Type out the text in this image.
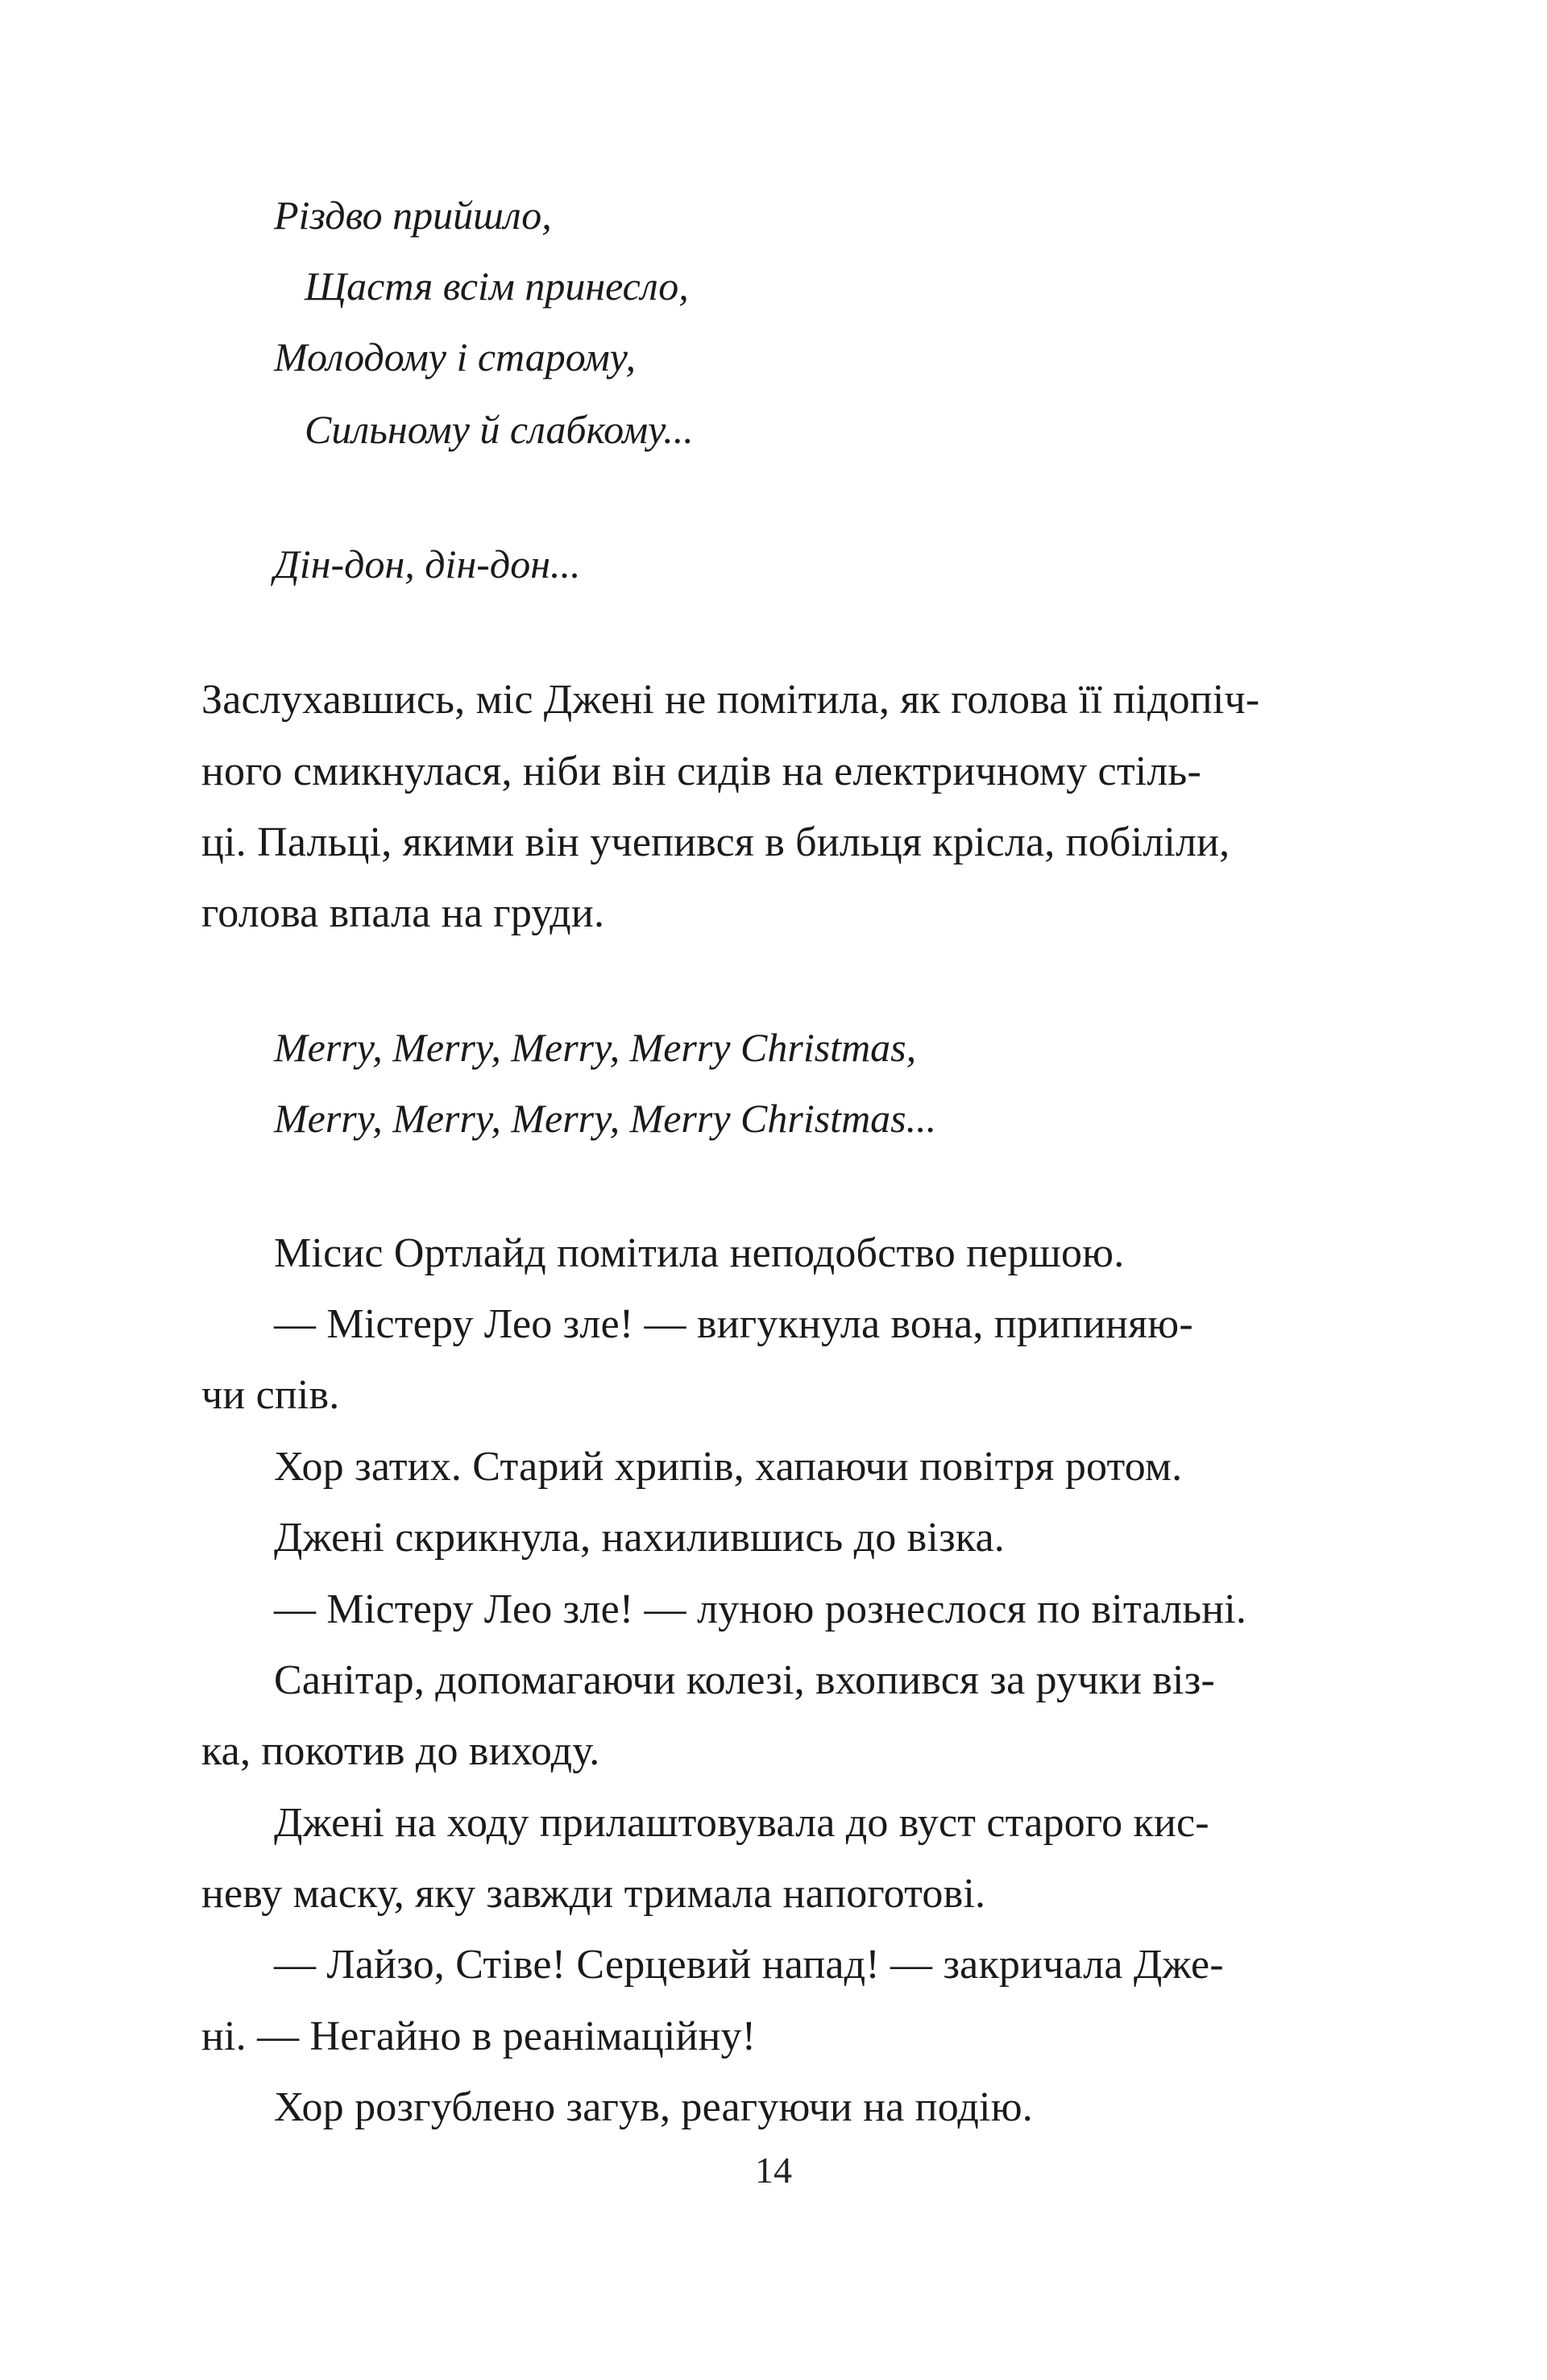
Різдво прийшло,
Щастя всім принесло,
Молодому і старому,
Сильному й слабкому...
Дін-дон, дін-дон...
Заслухавшись, міс Джені не помітила, як голова її підопіч-
ного смикнулася, ніби він сидів на електричному стіль-
ці. Пальці, якими він учепився в бильця крісла, побіліли,
голова впала на груди.
Merry, Merry, Merry, Merry Christmas,
Merry, Merry, Merry, Merry Christmas...
Місис Ортлайд помітила неподобство першою.
— Містеру Лео зле! — вигукнула вона, припиняю-
чи спів.
Хор затих. Старий хрипів, хапаючи повітря ротом.
Джені скрикнула, нахилившись до візка.
— Містеру Лео зле! — луною рознеслося по вітальні.
Санітар, допомагаючи колезі, вхопився за ручки віз-
ка, покотив до виходу.
Джені на ходу прилаштовувала до вуст старого кис-
неву маску, яку завжди тримала напоготові.
— Лайзо, Стіве! Серцевий напад! — закричала Дже-
ні. — Негайно в реанімаційну!
Хор розгублено загув, реагуючи на подію.
14
